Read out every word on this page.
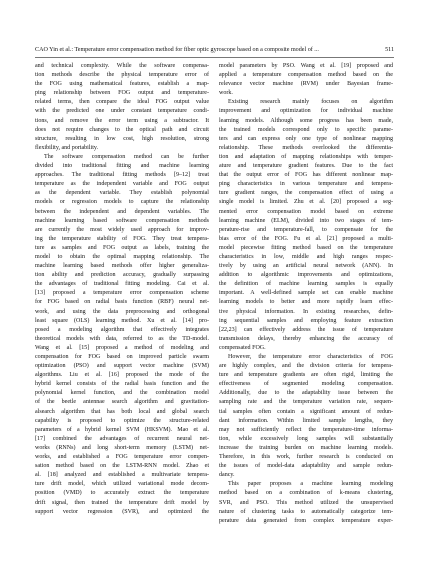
CAO Yin et al.: Temperature error compensation method for fiber optic gyroscope based on a composite model of ...	511
and technical complexity. While the software compensa-
tion methods describe the physical temperature error of
the FOG using mathematical features, establish a map-
ping relationship between FOG output and temperature-
related terms, then compare the ideal FOG output value
with the predicted one under constant temperature condi-
tions, and remove the error term using a subtractor. It
does not require changes to the optical path and circuit
structure, resulting in low cost, high resolution, strong
flexibility, and portability.
The software compensation method can be further
divided into traditional fitting and machine learning
approaches. The traditional fitting methods [9–12] treat
temperature as the independent variable and FOG output
as the dependent variable. They establish polynomial
models or regression models to capture the relationship
between the independent and dependent variables. The
machine learning based software compensation methods
are currently the most widely used approach for improv-
ing the temperature stability of FOG. They treat tempera-
ture as samples and FOG output as labels, training the
model to obtain the optimal mapping relationship. The
machine learning based methods offer higher generaliza-
tion ability and prediction accuracy, gradually surpassing
the advantages of traditional fitting modeling. Cai et al.
[13] proposed a temperature error compensation scheme
for FOG based on radial basis function (RBF) neural net-
work, and using the data preprocessing and orthogonal
least square (OLS) learning method. Xu et al. [14] pro-
posed a modeling algorithm that effectively integrates
theoretical models with data, referred to as the TD-model.
Wang et al. [15] proposed a method of modeling and
compensation for FOG based on improved particle swarm
optimization (PSO) and support vector machine (SVM)
algorithms. Liu et al. [16] proposed the mode of the
hybrid kernel consists of the radial basis function and the
polynomial kernel function, and the combination model
of the beetle antennae search algorithm and gravitation-
alsearch algorithm that has both local and global search
capability is proposed to optimize the structure-related
parameters of a hybrid kernel SVM (HKSVM). Mao et al.
[17] combined the advantages of recurrent neural net-
works (RNNs) and long short-term memory (LSTM) net-
works, and established a FOG temperature error compen-
sation method based on the LSTM-RNN model. Zhao et
al. [18] analyzed and established a multivariate tempera-
ture drift model, which utilized variational mode decom-
position (VMD) to accurately extract the temperature
drift signal, then trained the temperature drift model by
support vector regression (SVR), and optimized the
model parameters by PSO. Wang et al. [19] proposed and
applied a temperature compensation method based on the
relevance vector machine (RVM) under Bayesian frame-
work.
Existing research mainly focuses on algorithm
improvement and optimization for individual machine
learning models. Although some progress has been made,
the trained models correspond only to specific parame-
ters and can express only one type of nonlinear mapping
relationship. These methods overlooked the differentia-
tion and adaptation of mapping relationships with temper-
ature and temperature gradient features. Due to the fact
that the output error of FOG has different nonlinear map-
ping characteristics in various temperature and tempera-
ture gradient ranges, the compensation effect of using a
single model is limited. Zhu et al. [20] proposed a seg-
mented error compensation model based on extreme
learning machine (ELM), divided into two stages of tem-
perature-rise and temperature-fall, to compensate for the
bias error of the FOG. Fu et al. [21] proposed a multi-
model piecewise fitting method based on the temperature
characteristics in low, middle and high ranges respec-
tively by using an artificial neural network (ANN). In
addition to algorithmic improvements and optimizations,
the definition of machine learning samples is equally
important. A well-defined sample set can enable machine
learning models to better and more rapidly learn effec-
tive physical information. In existing researches, defin-
ing sequential samples and employing feature extraction
[22,23] can effectively address the issue of temperature
transmission delays, thereby enhancing the accuracy of
compensated FOG.
However, the temperature error characteristics of FOG
are highly complex, and the division criteria for tempera-
ture and temperature gradients are often rigid, limiting the
effectiveness of segmented modeling compensation.
Additionally, due to the adaptability issue between the
sampling rate and the temperature variation rate, sequen-
tial samples often contain a significant amount of redun-
dant information. Within limited sample lengths, they
may not sufficiently reflect the temperature-time informa-
tion, while excessively long samples will substantially
increase the training burden on machine learning models.
Therefore, in this work, further research is conducted on
the issues of model-data adaptability and sample redun-
dancy.
This paper proposes a machine learning modeling
method based on a combination of k-means clustering,
SVR, and PSO. This method utilized the unsupervised
nature of clustering tasks to automatically categorize tem-
perature data generated from complex temperature exper-
